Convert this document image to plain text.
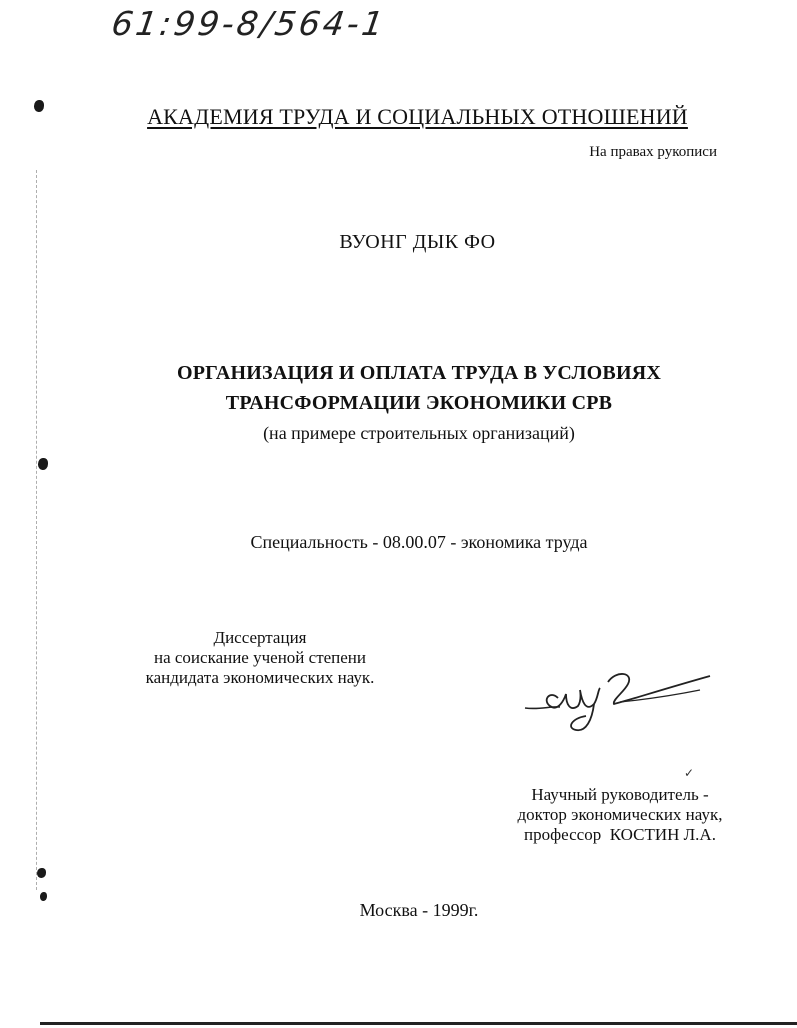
61:99-8/564-1
АКАДЕМИЯ ТРУДА И СОЦИАЛЬНЫХ ОТНОШЕНИЙ
На правах рукописи
ВУОНГ ДЫК ФО
ОРГАНИЗАЦИЯ И ОПЛАТА ТРУДА В УСЛОВИЯХ
ТРАНСФОРМАЦИИ ЭКОНОМИКИ СРВ
(на примере строительных организаций)
Специальность - 08.00.07 - экономика труда
Диссертация
на соискание ученой степени
кандидата экономических наук.
✓
Научный руководитель -
доктор экономических наук,
профессор  КОСТИН Л.А.
Москва - 1999г.
